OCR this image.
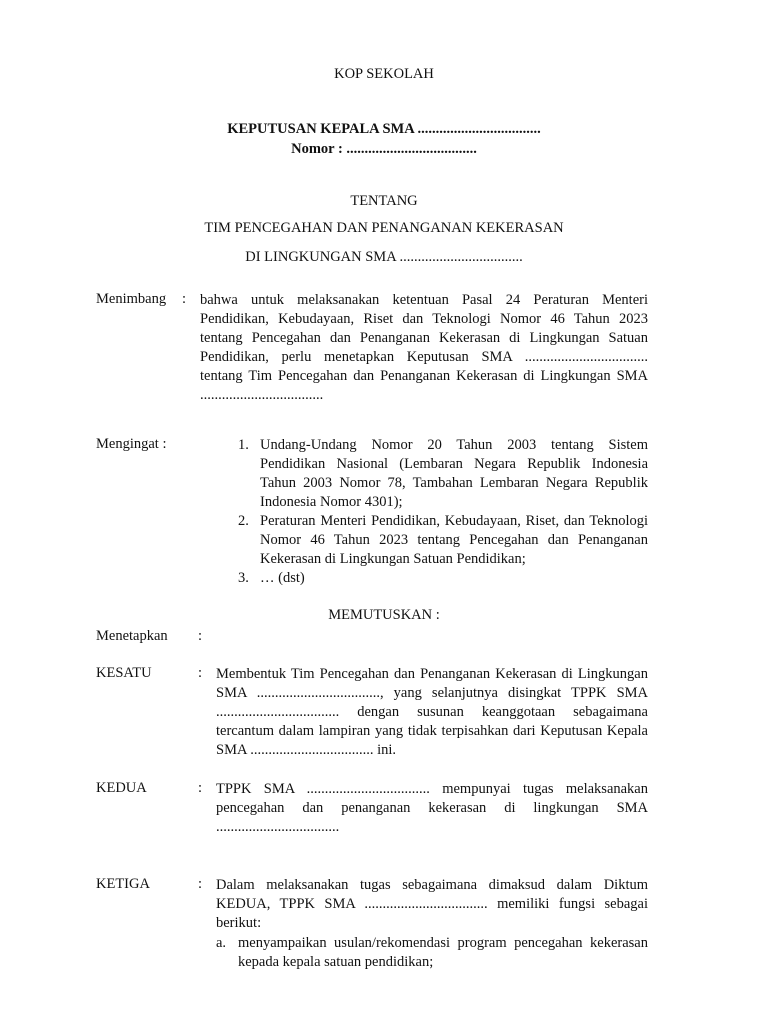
KOP SEKOLAH
KEPUTUSAN KEPALA SMA ..................................
Nomor : ....................................
TENTANG
TIM PENCEGAHAN DAN PENANGANAN KEKERASAN
DI LINGKUNGAN SMA ..................................
Menimbang : bahwa untuk melaksanakan ketentuan Pasal 24 Peraturan Menteri Pendidikan, Kebudayaan, Riset dan Teknologi Nomor 46 Tahun 2023 tentang Pencegahan dan Penanganan Kekerasan di Lingkungan Satuan Pendidikan, perlu menetapkan Keputusan SMA .................................. tentang Tim Pencegahan dan Penanganan Kekerasan di Lingkungan SMA ..................................
Mengingat :	1. Undang-Undang Nomor 20 Tahun 2003 tentang Sistem Pendidikan Nasional (Lembaran Negara Republik Indonesia Tahun 2003 Nomor 78, Tambahan Lembaran Negara Republik Indonesia Nomor 4301);
2. Peraturan Menteri Pendidikan, Kebudayaan, Riset, dan Teknologi Nomor 46 Tahun 2023 tentang Pencegahan dan Penanganan Kekerasan di Lingkungan Satuan Pendidikan;
3. … (dst)
MEMUTUSKAN :
Menetapkan :
KESATU	: Membentuk Tim Pencegahan dan Penanganan Kekerasan di Lingkungan SMA .................................., yang selanjutnya disingkat TPPK SMA .................................. dengan susunan keanggotaan sebagaimana tercantum dalam lampiran yang tidak terpisahkan dari Keputusan Kepala SMA .................................. ini.
KEDUA	: TPPK SMA .................................. mempunyai tugas melaksanakan pencegahan dan penanganan kekerasan di lingkungan SMA ..................................
KETIGA	: Dalam melaksanakan tugas sebagaimana dimaksud dalam Diktum KEDUA, TPPK SMA .................................. memiliki fungsi sebagai berikut:
a. menyampaikan usulan/rekomendasi program pencegahan kekerasan kepada kepala satuan pendidikan;
